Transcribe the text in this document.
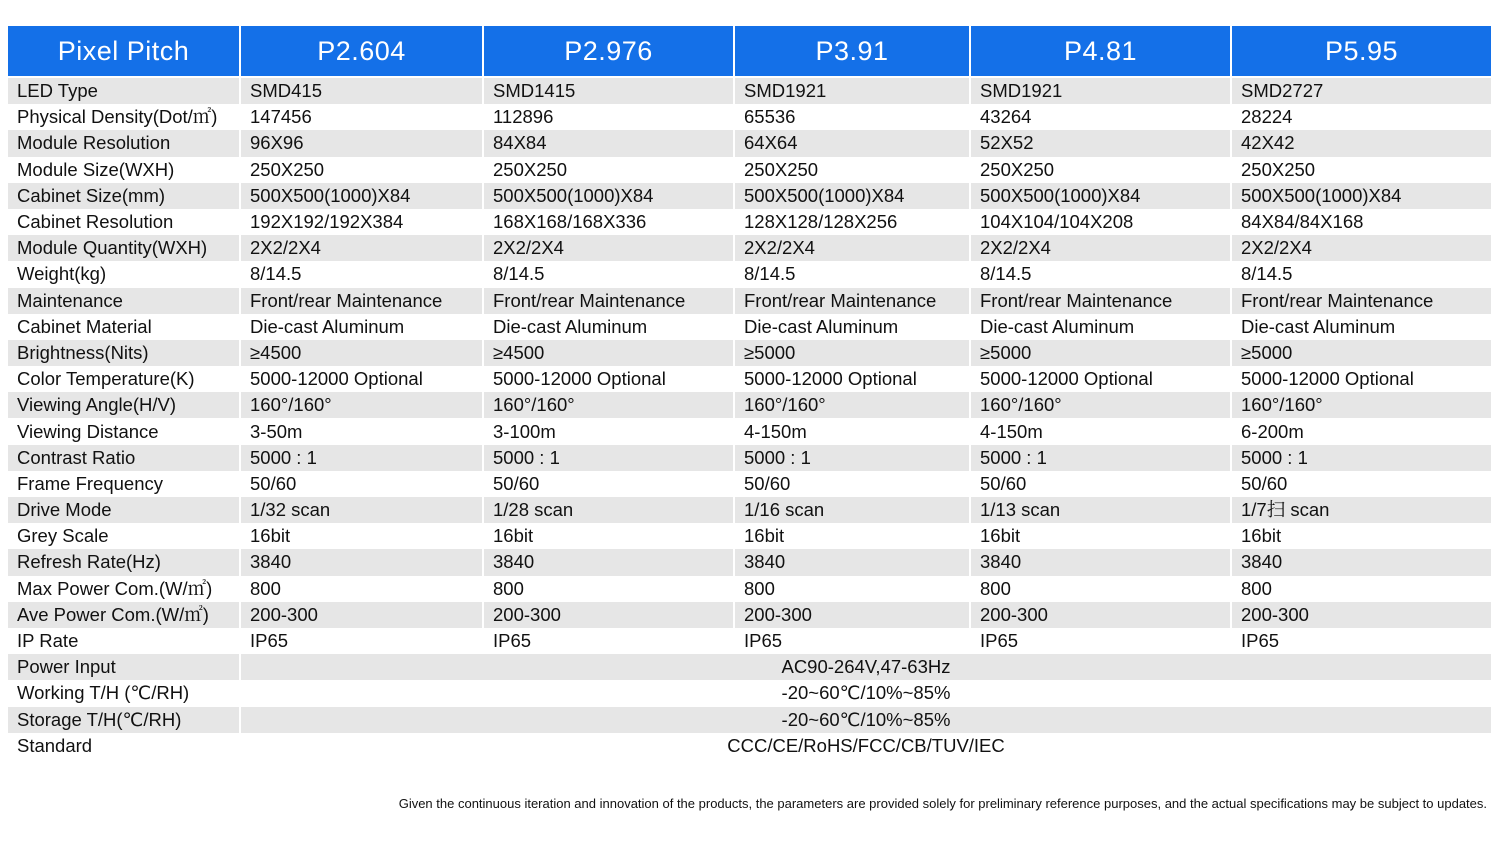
Pixel Pitch	P2.604	P2.976	P3.91	P4.81	P5.95

LED Type	SMD415	SMD1415	SMD1921	SMD1921	SMD2727
Physical Density(Dot/㎡)	147456	112896	65536	43264	28224
Module Resolution	96X96	84X84	64X64	52X52	42X42
Module Size(WXH)	250X250	250X250	250X250	250X250	250X250
Cabinet Size(mm)	500X500(1000)X84	500X500(1000)X84	500X500(1000)X84	500X500(1000)X84	500X500(1000)X84
Cabinet Resolution	192X192/192X384	168X168/168X336	128X128/128X256	104X104/104X208	84X84/84X168
Module Quantity(WXH)	2X2/2X4	2X2/2X4	2X2/2X4	2X2/2X4	2X2/2X4
Weight(kg)	8/14.5	8/14.5	8/14.5	8/14.5	8/14.5
Maintenance	Front/rear Maintenance	Front/rear Maintenance	Front/rear Maintenance	Front/rear Maintenance	Front/rear Maintenance
Cabinet Material	Die-cast Aluminum	Die-cast Aluminum	Die-cast Aluminum	Die-cast Aluminum	Die-cast Aluminum
Brightness(Nits)	≥4500	≥4500	≥5000	≥5000	≥5000
Color Temperature(K)	5000-12000 Optional	5000-12000 Optional	5000-12000 Optional	5000-12000 Optional	5000-12000 Optional
Viewing Angle(H/V)	160°/160°	160°/160°	160°/160°	160°/160°	160°/160°
Viewing Distance	3-50m	3-100m	4-150m	4-150m	6-200m
Contrast Ratio	5000 : 1	5000 : 1	5000 : 1	5000 : 1	5000 : 1
Frame Frequency	50/60	50/60	50/60	50/60	50/60
Drive Mode	1/32 scan	1/28 scan	1/16 scan	1/13 scan	1/7扫 scan
Grey Scale	16bit	16bit	16bit	16bit	16bit
Refresh Rate(Hz)	3840	3840	3840	3840	3840
Max Power Com.(W/㎡)	800	800	800	800	800
Ave Power Com.(W/㎡)	200-300	200-300	200-300	200-300	200-300
IP Rate	IP65	IP65	IP65	IP65	IP65
Power Input	AC90-264V,47-63Hz				
Working T/H (℃/RH)	-20~60℃/10%~85%				
Storage T/H(℃/RH)	-20~60℃/10%~85%				
Standard	CCC/CE/RoHS/FCC/CB/TUV/IEC				
Given the continuous iteration and innovation of the products, the parameters are provided solely for preliminary reference purposes, and the actual specifications may be subject to updates.
